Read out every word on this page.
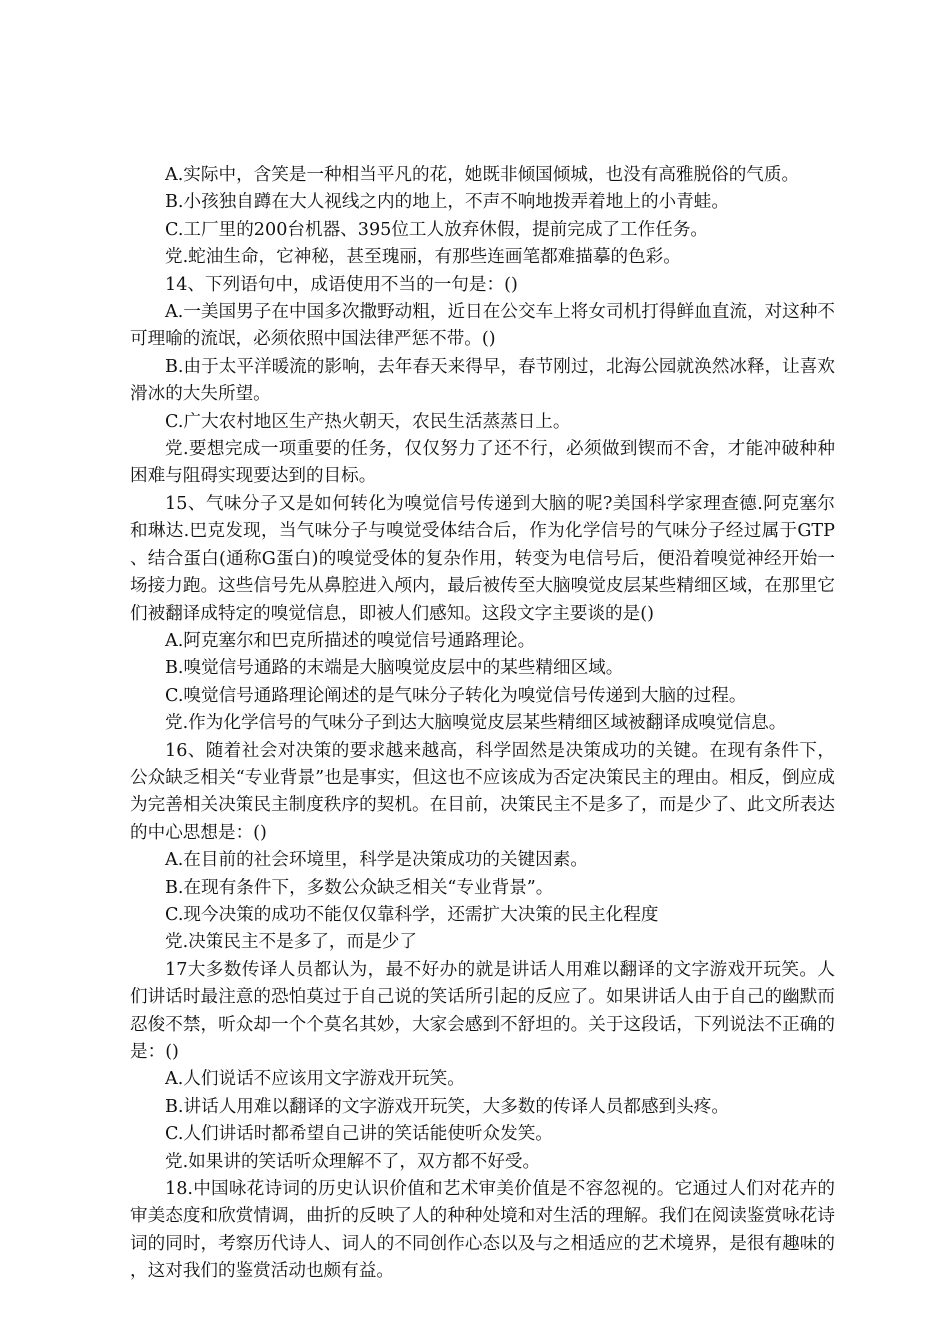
A.实际中，含笑是一种相当平凡的花，她既非倾国倾城，也没有高雅脱俗的气质。

B.小孩独自蹲在大人视线之内的地上，不声不响地拨弄着地上的小青蛙。

C.工厂里的200台机器、395位工人放弃休假，提前完成了工作任务。

党.蛇油生命，它神秘，甚至瑰丽，有那些连画笔都难描摹的色彩。

14、下列语句中，成语使用不当的一句是：()

A.一美国男子在中国多次撒野动粗，近日在公交车上将女司机打得鲜血直流，对这种不可理喻的流氓，必须依照中国法律严惩不带。()

B.由于太平洋暖流的影响，去年春天来得早，春节刚过，北海公园就涣然冰释，让喜欢滑冰的大失所望。

C.广大农村地区生产热火朝天，农民生活蒸蒸日上。

党.要想完成一项重要的任务，仅仅努力了还不行，必须做到锲而不舍，才能冲破种种困难与阻碍实现要达到的目标。

15、气味分子又是如何转化为嗅觉信号传递到大脑的呢?美国科学家理查德.阿克塞尔和琳达.巴克发现，当气味分子与嗅觉受体结合后，作为化学信号的气味分子经过属于GTP、结合蛋白(通称G蛋白)的嗅觉受体的复杂作用，转变为电信号后，便沿着嗅觉神经开始一场接力跑。这些信号先从鼻腔进入颅内，最后被传至大脑嗅觉皮层某些精细区域，在那里它们被翻译成特定的嗅觉信息，即被人们感知。这段文字主要谈的是()

A.阿克塞尔和巴克所描述的嗅觉信号通路理论。

B.嗅觉信号通路的末端是大脑嗅觉皮层中的某些精细区域。

C.嗅觉信号通路理论阐述的是气味分子转化为嗅觉信号传递到大脑的过程。

党.作为化学信号的气味分子到达大脑嗅觉皮层某些精细区域被翻译成嗅觉信息。

16、随着社会对决策的要求越来越高，科学固然是决策成功的关键。在现有条件下，公众缺乏相关“专业背景”也是事实，但这也不应该成为否定决策民主的理由。相反，倒应成为完善相关决策民主制度秩序的契机。在目前，决策民主不是多了，而是少了、此文所表达的中心思想是：()

A.在目前的社会环境里，科学是决策成功的关键因素。

B.在现有条件下，多数公众缺乏相关“专业背景”。

C.现今决策的成功不能仅仅靠科学，还需扩大决策的民主化程度

党.决策民主不是多了，而是少了

17大多数传译人员都认为，最不好办的就是讲话人用难以翻译的文字游戏开玩笑。人们讲话时最注意的恐怕莫过于自己说的笑话所引起的反应了。如果讲话人由于自己的幽默而忍俊不禁，听众却一个个莫名其妙，大家会感到不舒坦的。关于这段话，下列说法不正确的是：()

A.人们说话不应该用文字游戏开玩笑。

B.讲话人用难以翻译的文字游戏开玩笑，大多数的传译人员都感到头疼。

C.人们讲话时都希望自己讲的笑话能使听众发笑。

党.如果讲的笑话听众理解不了，双方都不好受。

18.中国咏花诗词的历史认识价值和艺术审美价值是不容忽视的。它通过人们对花卉的审美态度和欣赏情调，曲折的反映了人的种种处境和对生活的理解。我们在阅读鉴赏咏花诗词的同时，考察历代诗人、词人的不同创作心态以及与之相适应的艺术境界，是很有趣味的，这对我们的鉴赏活动也颇有益。
